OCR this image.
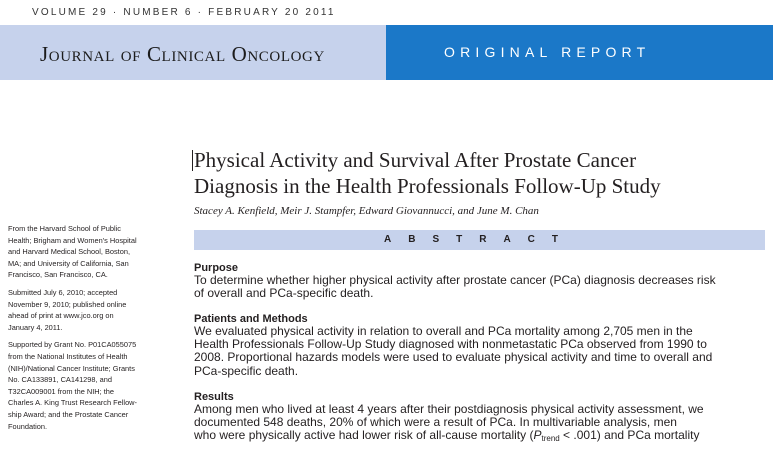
VOLUME 29 · NUMBER 6 · FEBRUARY 20 2011
Journal of Clinical Oncology	ORIGINAL REPORT
Physical Activity and Survival After Prostate Cancer
Diagnosis in the Health Professionals Follow-Up Study
Stacey A. Kenfield, Meir J. Stampfer, Edward Giovannucci, and June M. Chan
ABSTRACT

From the Harvard School of Public
Health; Brigham and Women's Hospital
and Harvard Medical School, Boston,
MA; and University of California, San
Francisco, San Francisco, CA.

Submitted July 6, 2010; accepted
November 9, 2010; published online
ahead of print at www.jco.org on
January 4, 2011.

Supported by Grant No. P01CA055075
from the National Institutes of Health
(NIH)/National Cancer Institute; Grants
No. CA133891, CA141298, and
T32CA009001 from the NIH; the
Charles A. King Trust Research Fellow-
ship Award; and the Prostate Cancer
Foundation.

Purpose

To determine whether higher physical activity after prostate cancer (PCa) diagnosis decreases risk
of overall and PCa-specific death.

Patients and Methods

We evaluated physical activity in relation to overall and PCa mortality among 2,705 men in the
Health Professionals Follow-Up Study diagnosed with nonmetastatic PCa observed from 1990 to
2008. Proportional hazards models were used to evaluate physical activity and time to overall and
PCa-specific death.

Results

Among men who lived at least 4 years after their postdiagnosis physical activity assessment, we
documented 548 deaths, 20% of which were a result of PCa. In multivariable analysis, men
who were physically active had lower risk of all-cause mortality $(P_{trend} < .001)$ and PCa mortality
